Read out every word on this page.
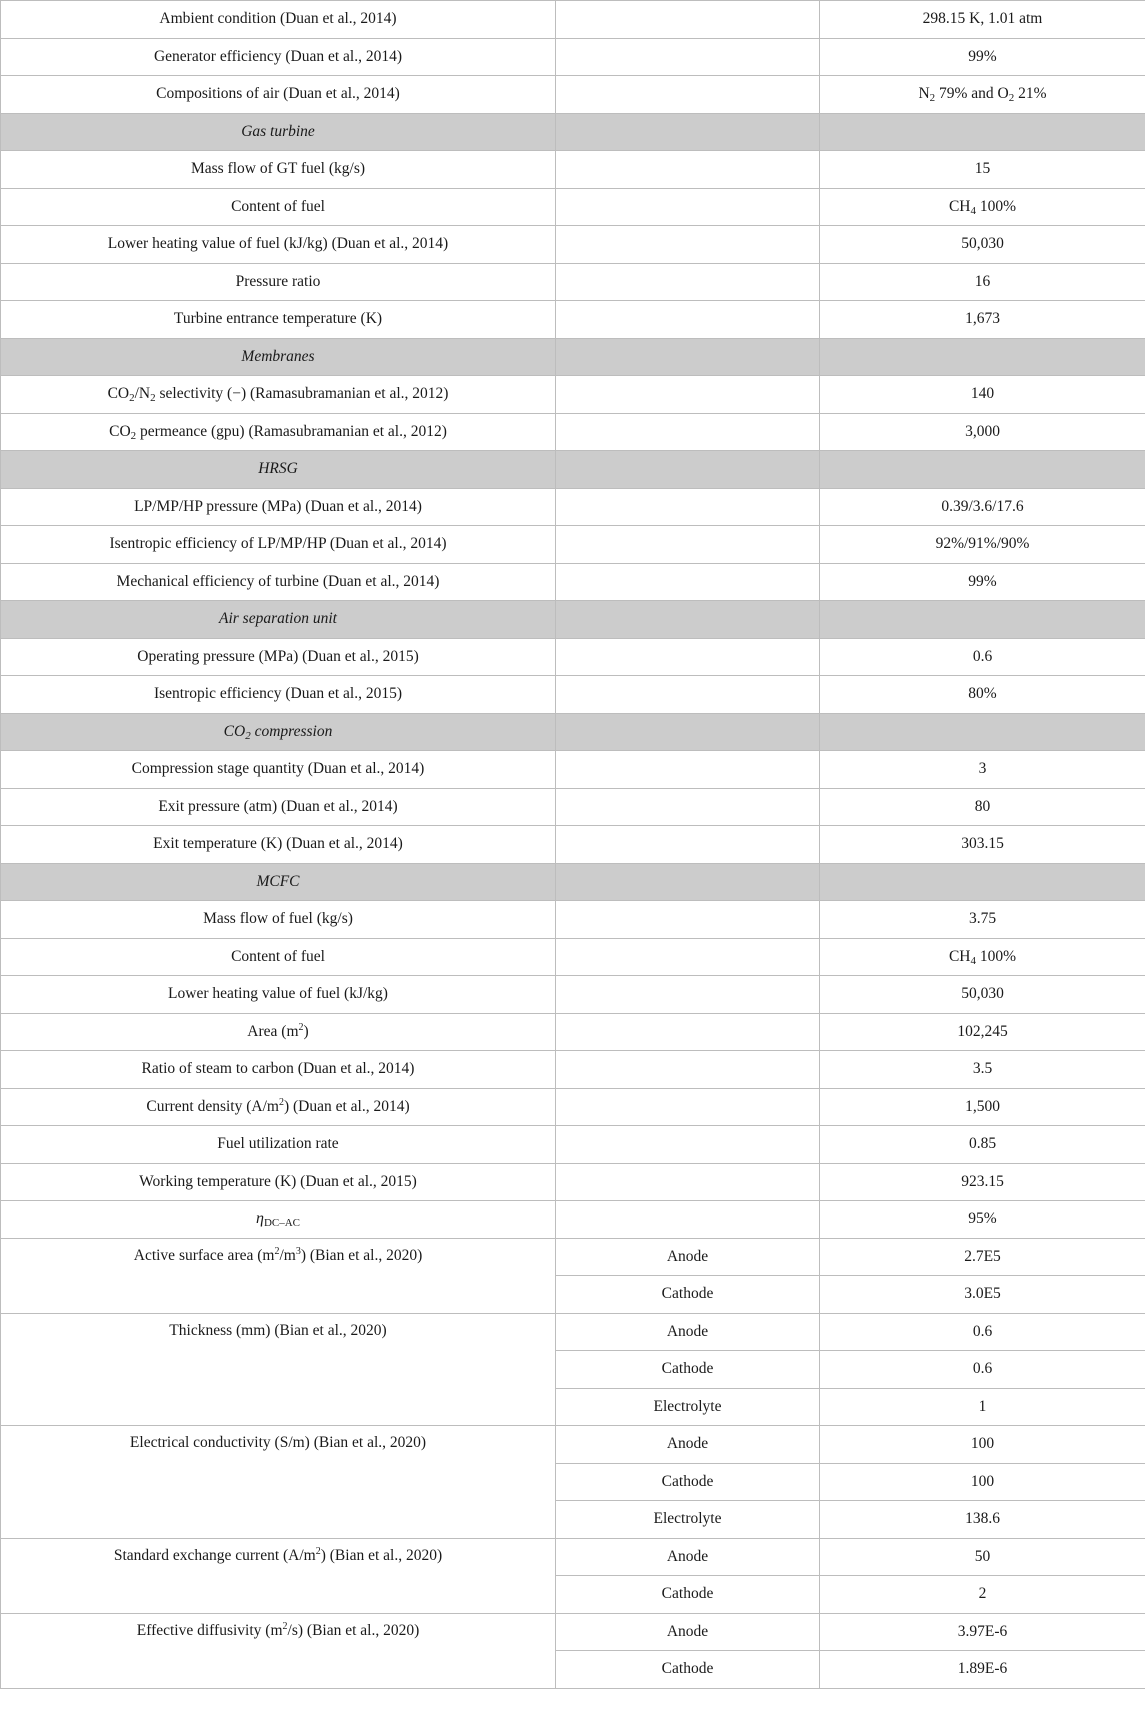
Ambient condition (Duan et al., 2014)		298.15 K, 1.01 atm
Generator efficiency (Duan et al., 2014)		99%
Compositions of air (Duan et al., 2014)		$N_2$ 79% and $O_2$ 21%
Gas turbine		
Mass flow of GT fuel (kg/s)		15
Content of fuel		$CH_4$ 100%
Lower heating value of fuel (kJ/kg) (Duan et al., 2014)		50,030
Pressure ratio		16
Turbine entrance temperature (K)		1,673
Membranes		
$CO_2/N_2$ selectivity (−) (Ramasubramanian et al., 2012)		140
$CO_2$ permeance (gpu) (Ramasubramanian et al., 2012)		3,000
HRSG		
LP/MP/HP pressure (MPa) (Duan et al., 2014)		0.39/3.6/17.6
Isentropic efficiency of LP/MP/HP (Duan et al., 2014)		92%/91%/90%
Mechanical efficiency of turbine (Duan et al., 2014)		99%
Air separation unit		
Operating pressure (MPa) (Duan et al., 2015)		0.6
Isentropic efficiency (Duan et al., 2015)		80%
$CO_2$ compression		
Compression stage quantity (Duan et al., 2014)		3
Exit pressure (atm) (Duan et al., 2014)		80
Exit temperature (K) (Duan et al., 2014)		303.15
MCFC		
Mass flow of fuel (kg/s)		3.75
Content of fuel		$CH_4$ 100%
Lower heating value of fuel (kJ/kg)		50,030
Area $(m^2)$		102,245
Ratio of steam to carbon (Duan et al., 2014)		3.5
Current density $(A/m^2)$ (Duan et al., 2014)		1,500
Fuel utilization rate		0.85
Working temperature (K) (Duan et al., 2015)		923.15
$\eta_{DC-AC}$		95%
Active surface area $(m^2/m^3)$ (Bian et al., 2020)	Anode	2.7E5
	Cathode	3.0E5
Thickness (mm) (Bian et al., 2020)	Anode	0.6
	Cathode	0.6
	Electrolyte	1
Electrical conductivity (S/m) (Bian et al., 2020)	Anode	100
	Cathode	100
	Electrolyte	138.6
Standard exchange current $(A/m^2)$ (Bian et al., 2020)	Anode	50
	Cathode	2
Effective diffusivity $(m^2/s)$ (Bian et al., 2020)	Anode	3.97E-6
	Cathode	1.89E-6
